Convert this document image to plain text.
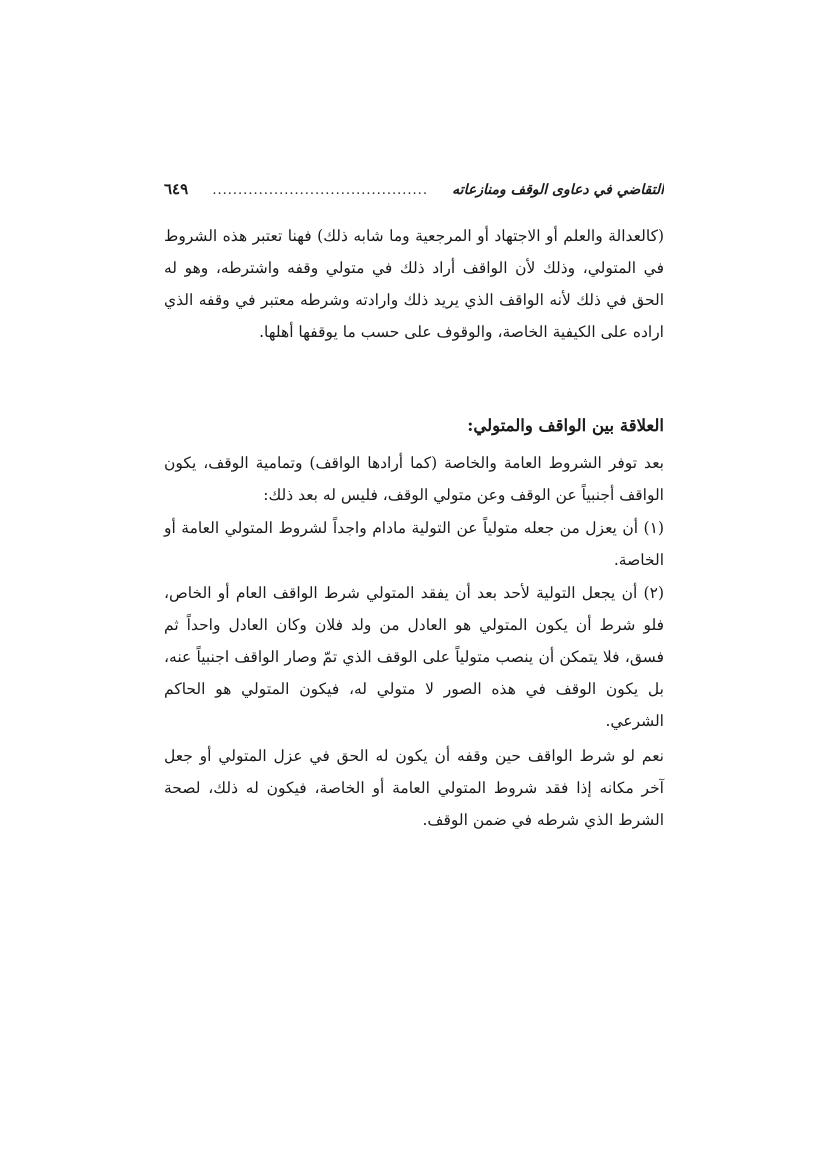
التقاضي في دعاوى الوقف ومنازعاته
..........................................
٦٤٩

(كالعدالة والعلم أو الاجتهاد أو المرجعية وما شابه ذلك) فهنا تعتبر هذه الشروط في المتولي، وذلك لأن الواقف أراد ذلك في متولي وقفه واشترطه، وهو له الحق في ذلك لأنه الواقف الذي يريد ذلك وارادته وشرطه معتبر في وقفه الذي اراده على الكيفية الخاصة، والوقوف على حسب ما يوقفها أهلها.

العلاقة بين الواقف والمتولي:

بعد توفر الشروط العامة والخاصة (كما أرادها الواقف) وتمامية الوقف، يكون الواقف أجنبياً عن الوقف وعن متولي الوقف، فليس له بعد ذلك:

(١) أن يعزل من جعله متولياً عن التولية مادام واجداً لشروط المتولي العامة أو الخاصة.

(٢) أن يجعل التولية لأحد بعد أن يفقد المتولي شرط الواقف العام أو الخاص، فلو شرط أن يكون المتولي هو العادل من ولد فلان وكان العادل واحداً ثم فسق، فلا يتمكن أن ينصب متولياً على الوقف الذي تمّ وصار الواقف اجنبياً عنه، بل يكون الوقف في هذه الصور لا متولي له، فيكون المتولي هو الحاكم الشرعي.

نعم لو شرط الواقف حين وقفه أن يكون له الحق في عزل المتولي أو جعل آخر مكانه إذا فقد شروط المتولي العامة أو الخاصة، فيكون له ذلك، لصحة الشرط الذي شرطه في ضمن الوقف.
